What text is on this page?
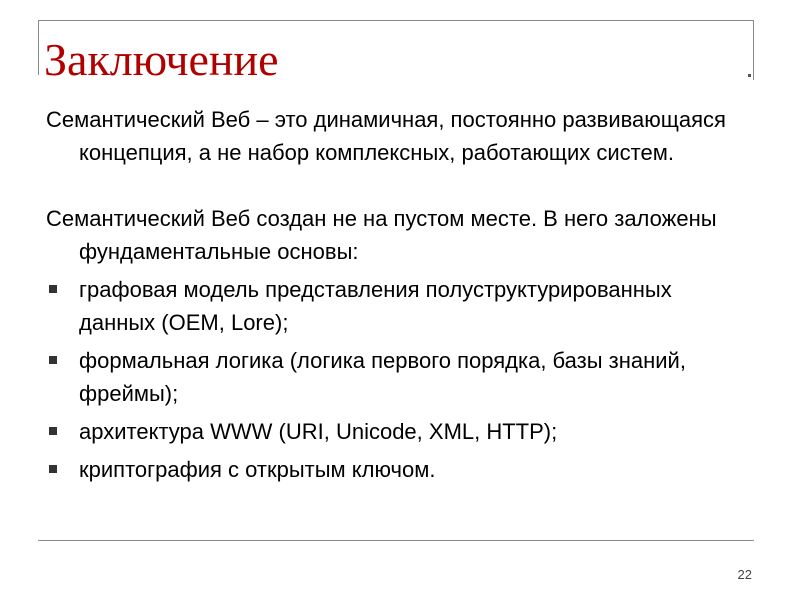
Заключение

Семантический Веб – это динамичная, постоянно развивающаяся концепция, а не набор комплексных, работающих систем.

Семантический Веб создан не на пустом месте. В него заложены фундаментальные основы:

графовая модель представления полуструктурированных данных (OEM, Lore);
формальная логика (логика первого порядка, базы знаний, фреймы);
архитектура WWW (URI, Unicode, XML, HTTP);
криптография с открытым ключом.
22
